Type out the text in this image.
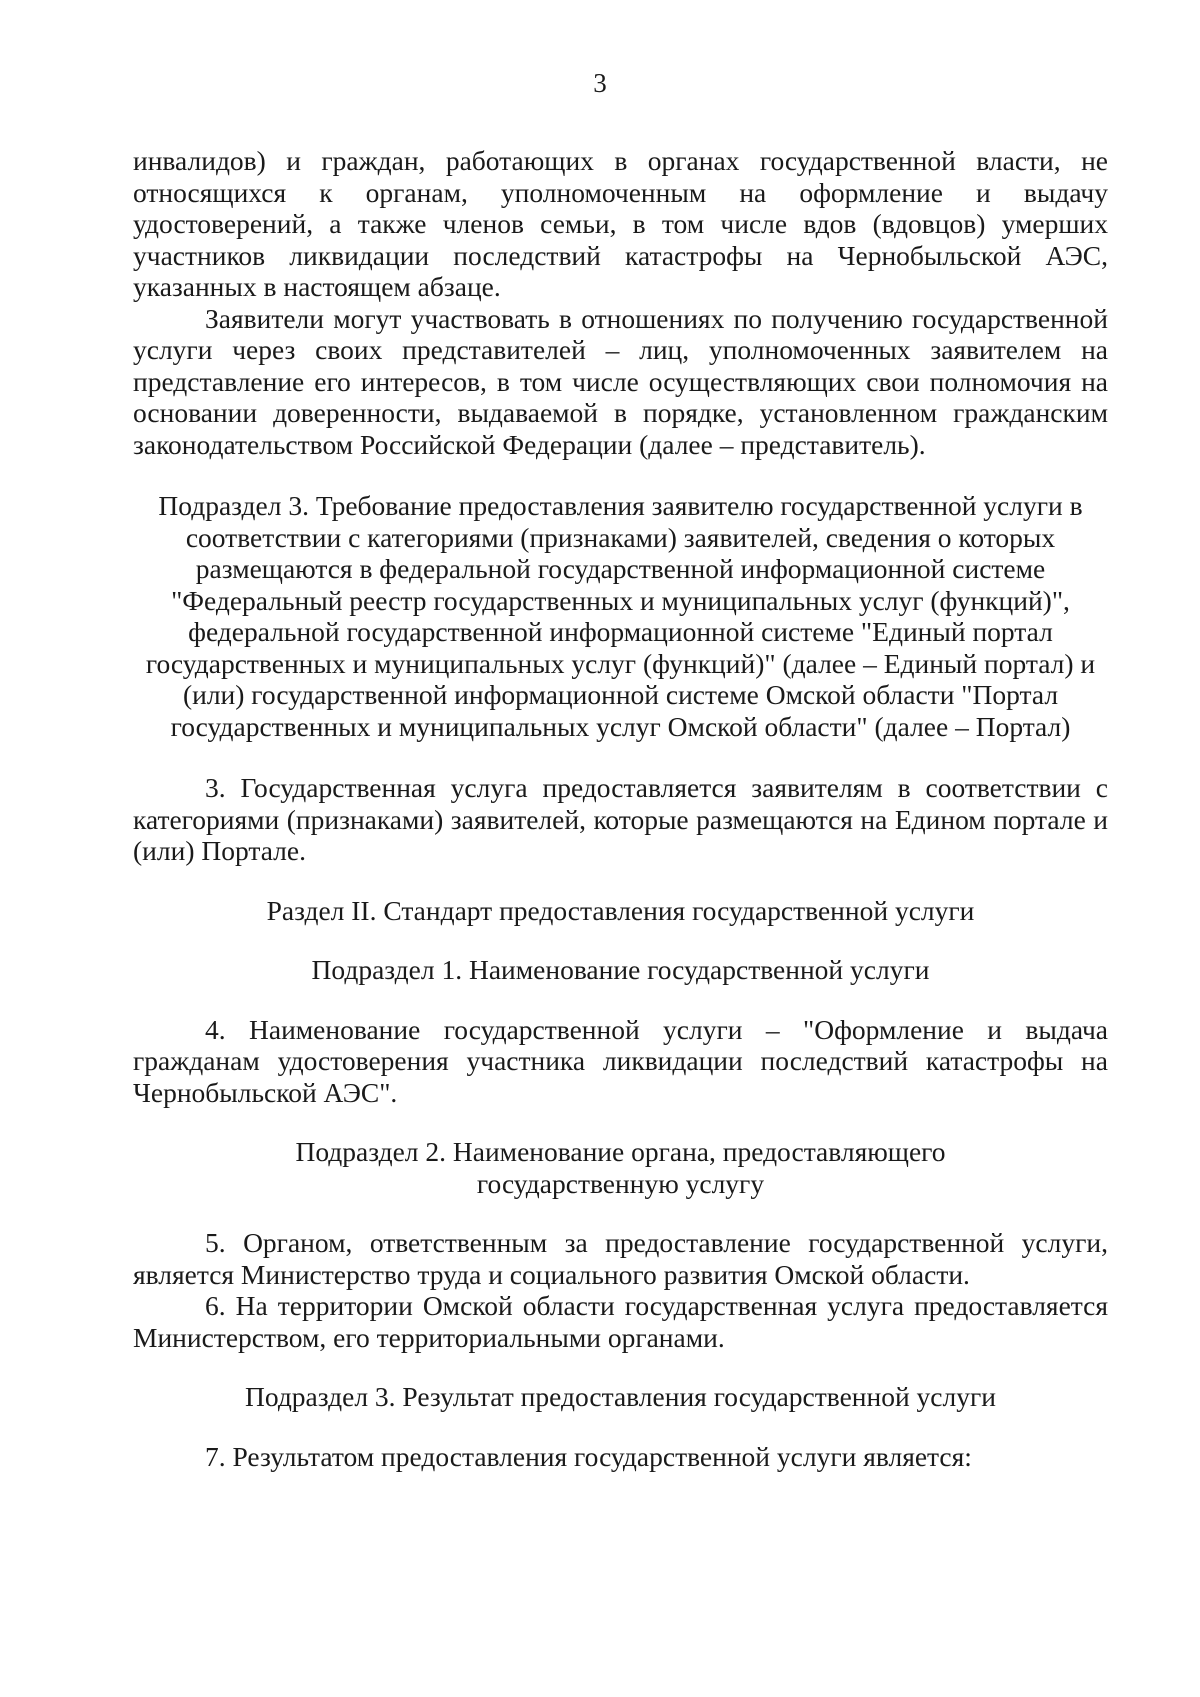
3

инвалидов) и граждан, работающих в органах государственной власти, не относящихся к органам, уполномоченным на оформление и выдачу удостоверений, а также членов семьи, в том числе вдов (вдовцов) умерших участников ликвидации последствий катастрофы на Чернобыльской АЭС, указанных в настоящем абзаце.

Заявители могут участвовать в отношениях по получению государственной услуги через своих представителей – лиц, уполномоченных заявителем на представление его интересов, в том числе осуществляющих свои полномочия на основании доверенности, выдаваемой в порядке, установленном гражданским законодательством Российской Федерации (далее – представитель).

Подраздел 3. Требование предоставления заявителю государственной услуги в соответствии с категориями (признаками) заявителей, сведения о которых размещаются в федеральной государственной информационной системе "Федеральный реестр государственных и муниципальных услуг (функций)", федеральной государственной информационной системе "Единый портал государственных и муниципальных услуг (функций)" (далее – Единый портал) и (или) государственной информационной системе Омской области "Портал государственных и муниципальных услуг Омской области" (далее – Портал)

3. Государственная услуга предоставляется заявителям в соответствии с категориями (признаками) заявителей, которые размещаются на Едином портале и (или) Портале.

Раздел II. Стандарт предоставления государственной услуги

Подраздел 1. Наименование государственной услуги

4. Наименование государственной услуги – "Оформление и выдача гражданам удостоверения участника ликвидации последствий катастрофы на Чернобыльской АЭС".

Подраздел 2. Наименование органа, предоставляющего государственную услугу

5. Органом, ответственным за предоставление государственной услуги, является Министерство труда и социального развития Омской области.

6. На территории Омской области государственная услуга предоставляется Министерством, его территориальными органами.

Подраздел 3. Результат предоставления государственной услуги

7. Результатом предоставления государственной услуги является:
